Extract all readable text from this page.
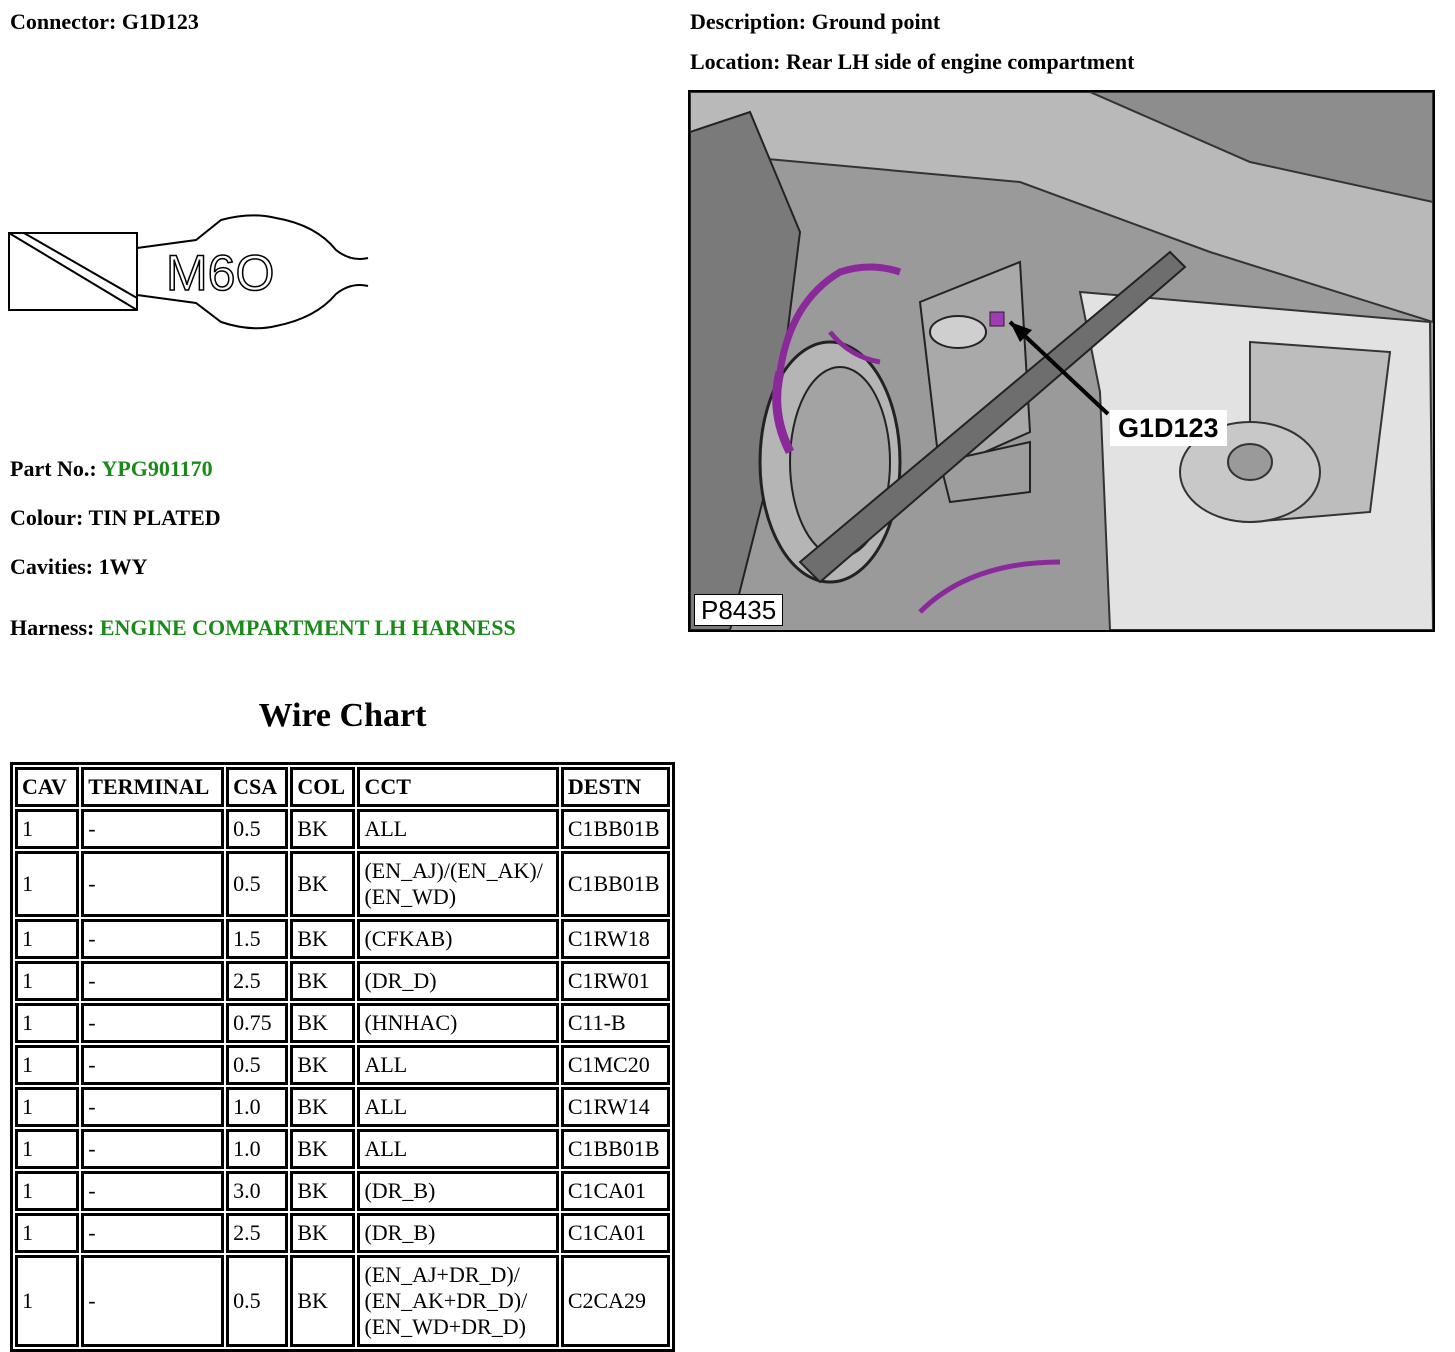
Connector: G1D123	Description: Ground point
Location: Rear LH side of engine compartment
M6O
Part No.: YPG901170
Colour: TIN PLATED
Cavities: 1WY
Harness: ENGINE COMPARTMENT LH HARNESS
G1D123
P8435
Wire Chart
CAV	TERMINAL	CSA	COL	CCT	DESTN
1	-	0.5	BK	ALL	C1BB01B
1	-	0.5	BK	(EN_AJ)/(EN_AK)/
(EN_WD)	C1BB01B
1	-	1.5	BK	(CFKAB)	C1RW18
1	-	2.5	BK	(DR_D)	C1RW01
1	-	0.75	BK	(HNHAC)	C11-B
1	-	0.5	BK	ALL	C1MC20
1	-	1.0	BK	ALL	C1RW14
1	-	1.0	BK	ALL	C1BB01B
1	-	3.0	BK	(DR_B)	C1CA01
1	-	2.5	BK	(DR_B)	C1CA01
1	-	0.5	BK	(EN_AJ+DR_D)/
(EN_AK+DR_D)/
(EN_WD+DR_D)	C2CA29
